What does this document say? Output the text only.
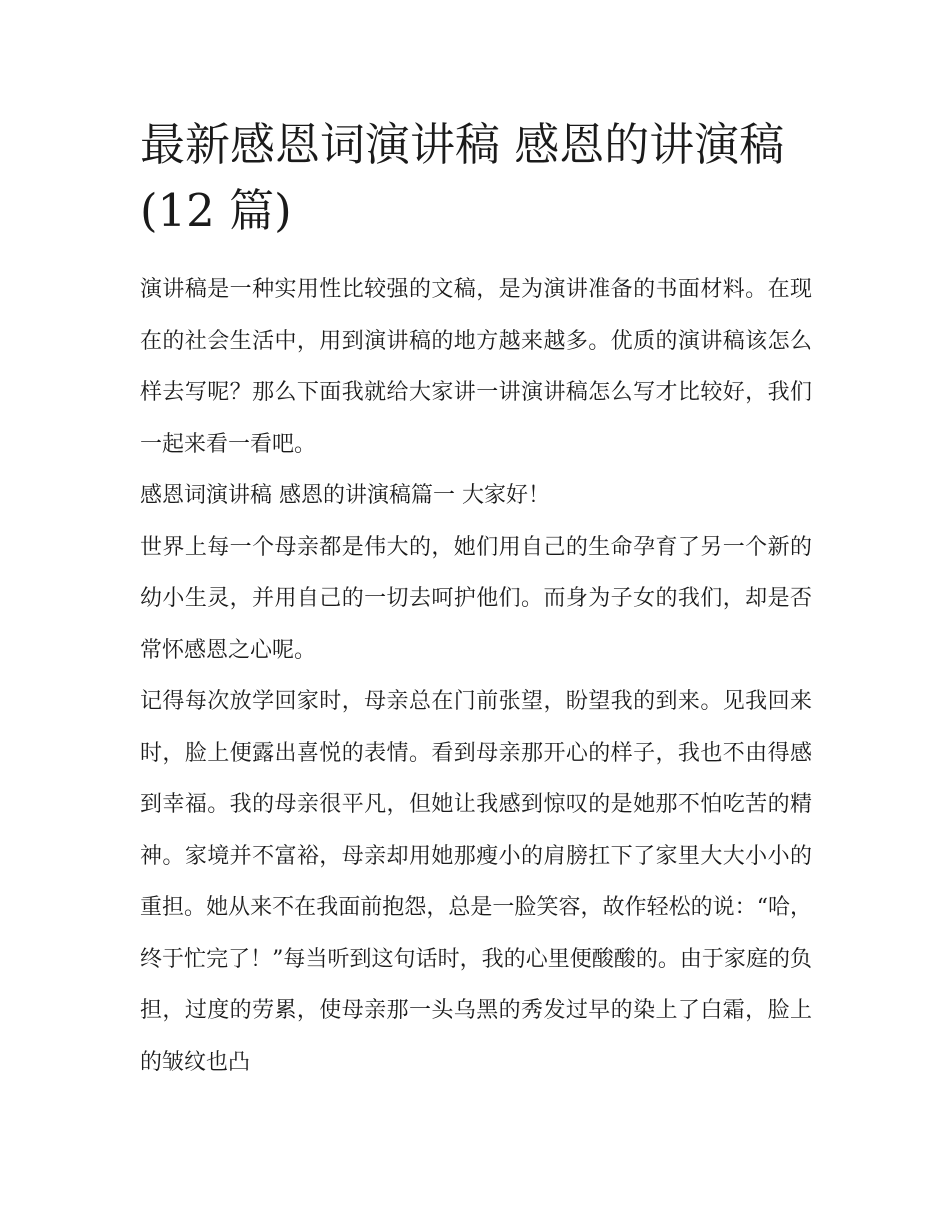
最新感恩词演讲稿 感恩的讲演稿(12 篇)

演讲稿是一种实用性比较强的文稿，是为演讲准备的书面材料。在现在的社会生活中，用到演讲稿的地方越来越多。优质的演讲稿该怎么样去写呢？那么下面我就给大家讲一讲演讲稿怎么写才比较好，我们一起来看一看吧。

感恩词演讲稿 感恩的讲演稿篇一 大家好！

世界上每一个母亲都是伟大的，她们用自己的生命孕育了另一个新的幼小生灵，并用自己的一切去呵护他们。而身为子女的我们，却是否常怀感恩之心呢。

记得每次放学回家时，母亲总在门前张望，盼望我的到来。见我回来时，脸上便露出喜悦的表情。看到母亲那开心的样子，我也不由得感到幸福。我的母亲很平凡，但她让我感到惊叹的是她那不怕吃苦的精神。家境并不富裕，母亲却用她那瘦小的肩膀扛下了家里大大小小的重担。她从来不在我面前抱怨，总是一脸笑容，故作轻松的说：“哈，终于忙完了！”每当听到这句话时，我的心里便酸酸的。由于家庭的负担，过度的劳累，使母亲那一头乌黑的秀发过早的染上了白霜，脸上的皱纹也凸
